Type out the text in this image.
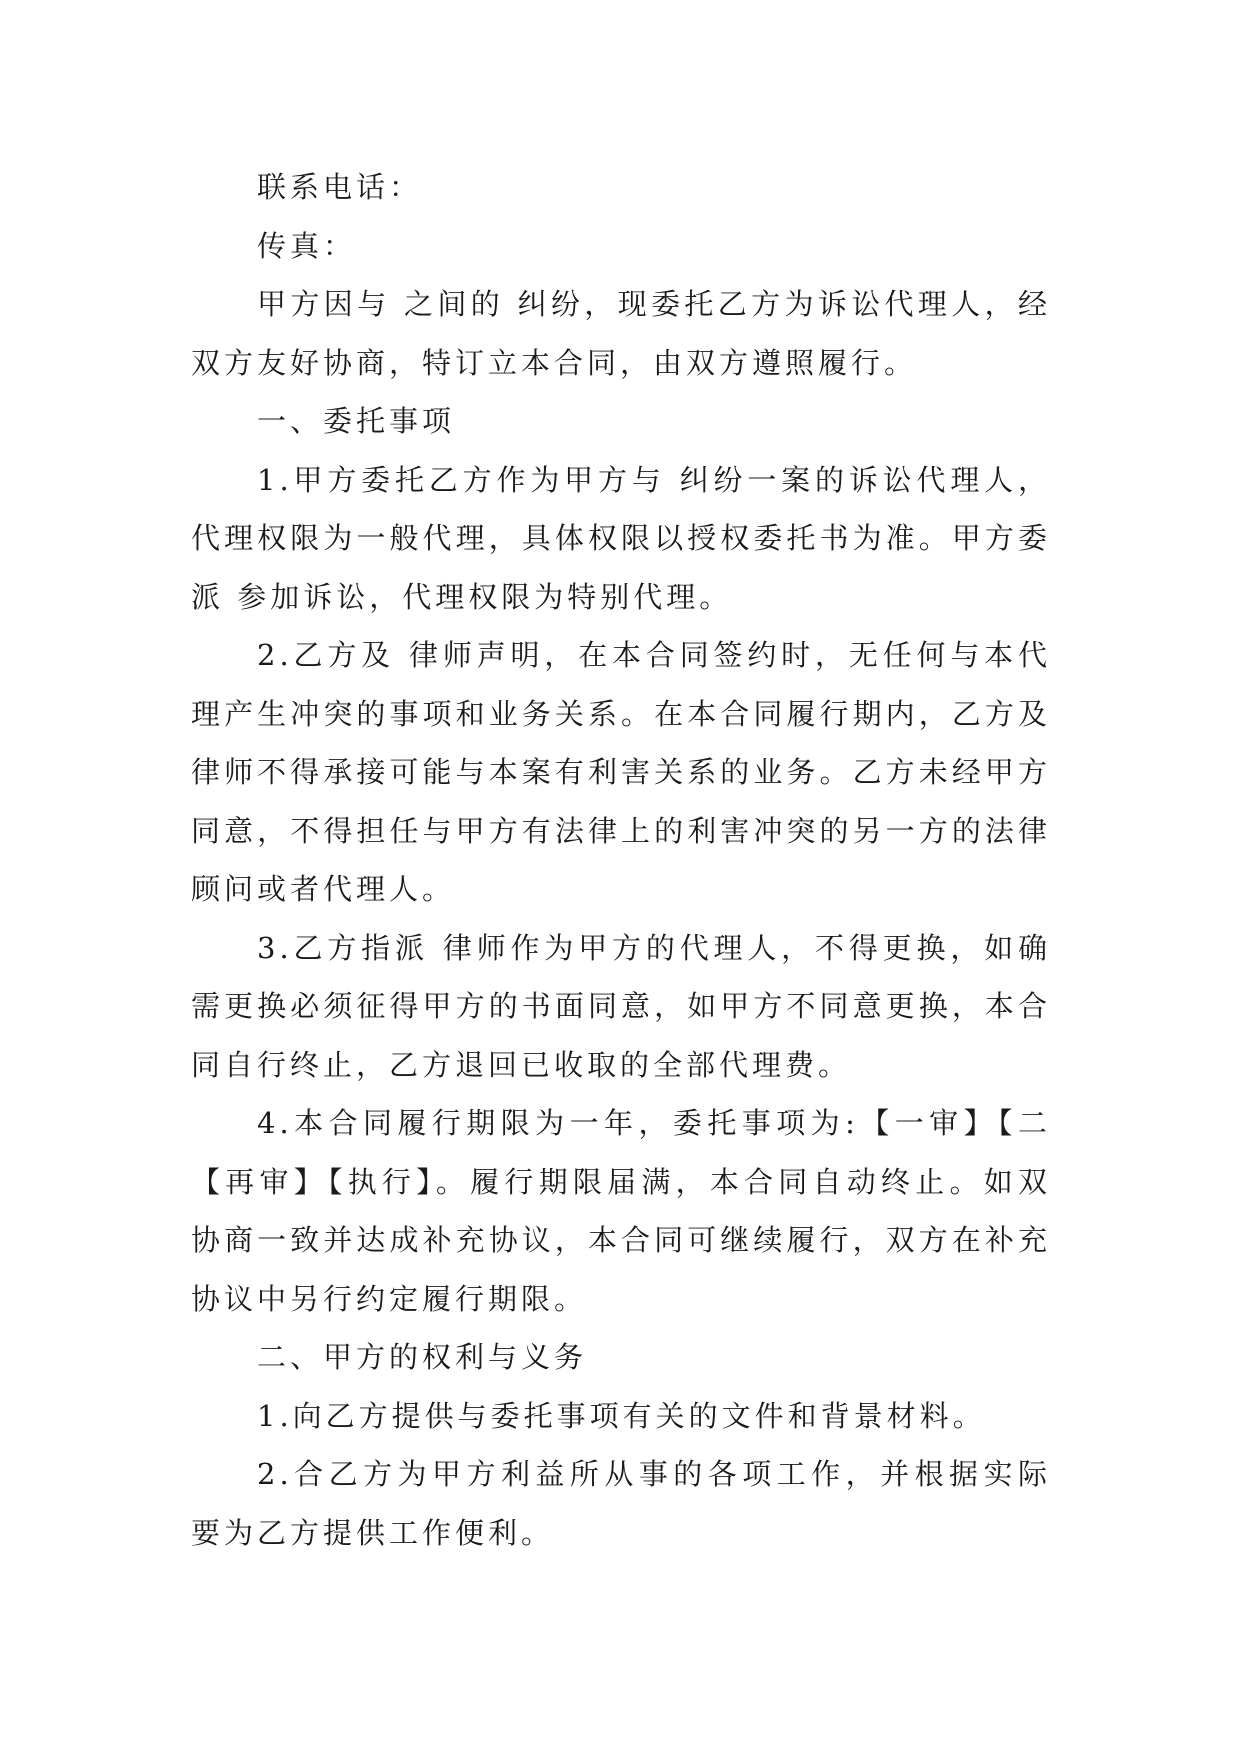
联系电话：
传真：
甲方因与 之间的 纠纷，现委托乙方为诉讼代理人，经
双方友好协商，特订立本合同，由双方遵照履行。
一、委托事项
1.甲方委托乙方作为甲方与 纠纷一案的诉讼代理人，
代理权限为一般代理，具体权限以授权委托书为准。甲方委
派 参加诉讼，代理权限为特别代理。
2.乙方及 律师声明，在本合同签约时，无任何与本代
理产生冲突的事项和业务关系。在本合同履行期内，乙方及
律师不得承接可能与本案有利害关系的业务。乙方未经甲方
同意，不得担任与甲方有法律上的利害冲突的另一方的法律
顾问或者代理人。
3.乙方指派 律师作为甲方的代理人，不得更换，如确
需更换必须征得甲方的书面同意，如甲方不同意更换，本合
同自行终止，乙方退回已收取的全部代理费。
4.本合同履行期限为一年，委托事项为:【一审】【二
【再审】【执行】。履行期限届满，本合同自动终止。如双
协商一致并达成补充协议，本合同可继续履行，双方在补充
协议中另行约定履行期限。
二、甲方的权利与义务
1.向乙方提供与委托事项有关的文件和背景材料。
2.合乙方为甲方利益所从事的各项工作，并根据实际
要为乙方提供工作便利。
